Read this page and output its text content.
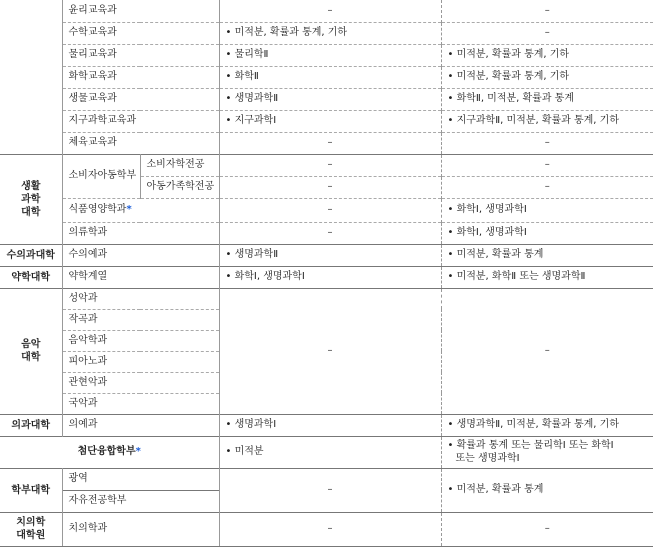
	윤리교육과		–	–
	수학교육과		• 미적분, 확률과 통계, 기하	–
	물리교육과		• 물리학Ⅱ	• 미적분, 확률과 통계, 기하
	화학교육과		• 화학Ⅱ	• 미적분, 확률과 통계, 기하
	생물교육과		• 생명과학Ⅱ	• 화학Ⅱ, 미적분, 확률과 통계
	지구과학교육과		• 지구과학Ⅰ	• 지구과학Ⅱ, 미적분, 확률과 통계, 기하
	체육교육과		–	–
생활
과학
대학	소비자아동학부	소비자학전공	–	–
		아동가족학전공	–	–
	식품영양학과*		–	• 화학Ⅰ, 생명과학Ⅰ
	의류학과		–	• 화학Ⅰ, 생명과학Ⅰ
수의과대학	수의예과		• 생명과학Ⅱ	• 미적분, 확률과 통계
약학대학	약학계열		• 화학Ⅰ, 생명과학Ⅰ	• 미적분, 화학Ⅱ 또는 생명과학Ⅱ
음악
대학	성악과		–	–
	작곡과			
	음악학과			
	피아노과			
	관현악과			
	국악과			
의과대학	의예과		• 생명과학Ⅰ	• 생명과학Ⅱ, 미적분, 확률과 통계, 기하
첨단융합학부*			• 미적분	• 확률과 통계 또는 물리학Ⅰ 또는 화학Ⅰ
또는 생명과학Ⅰ

학부대학	광역		–	• 미적분, 확률과 통계
	자유전공학부			
치의학
대학원	치의학과		–	–
